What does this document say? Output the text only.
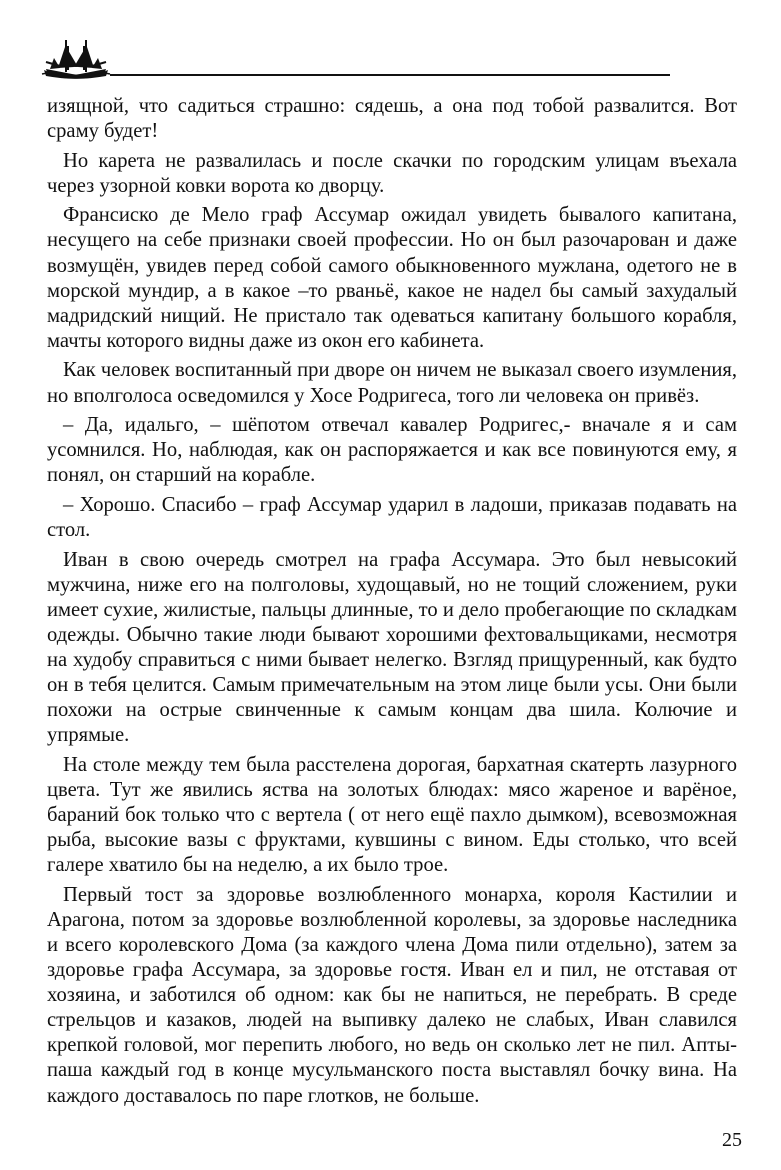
изящной, что садиться страшно: сядешь, а она под тобой развалится. Вот сраму будет!

Но карета не развалилась и после скачки по городским улицам въехала через узорной ковки ворота ко дворцу.

Франсиско де Мело граф Ассумар ожидал увидеть бывалого капитана, несущего на себе признаки своей профессии. Но он был разочарован и даже возмущён, увидев перед собой самого обыкновенного мужлана, одетого не в морской мундир, а в какое –то рваньё, какое не надел бы самый захудалый мадридский нищий. Не пристало так одеваться капитану большого корабля, мачты которого видны даже из окон его кабинета.

Как человек воспитанный при дворе он ничем не выказал своего изумления, но вполголоса осведомился у Хосе Родригеса, того ли человека он привёз.

– Да, идальго, – шёпотом отвечал кавалер Родригес,- вначале я и сам усомнился. Но, наблюдая, как он распоряжается и как все повинуются ему, я понял, он старший на корабле.

– Хорошо. Спасибо – граф Ассумар ударил в ладоши, приказав подавать на стол.

Иван в свою очередь смотрел на графа Ассумара. Это был невысокий мужчина, ниже его на полголовы, худощавый, но не тощий сложением, руки имеет сухие, жилистые, пальцы длинные, то и дело пробегающие по складкам одежды. Обычно такие люди бывают хорошими фехтовальщиками, несмотря на худобу справиться с ними бывает нелегко. Взгляд прищуренный, как будто он в тебя целится. Самым примечательным на этом лице были усы. Они были похожи на острые свинченные к самым концам два шила. Колючие и упрямые.

На столе между тем была расстелена дорогая, бархатная скатерть лазурного цвета. Тут же явились яства на золотых блюдах: мясо жареное и варёное, бараний бок только что с вертела ( от него ещё пахло дымком), всевозможная рыба, высокие вазы с фруктами, кувшины с вином. Еды столько, что всей галере хватило бы на неделю, а их было трое.

Первый тост за здоровье возлюбленного монарха, короля Кастилии и Арагона, потом за здоровье возлюбленной королевы, за здоровье наследника и всего королевского Дома (за каждого члена Дома пили отдельно), затем за здоровье графа Ассумара, за здоровье гостя. Иван ел и пил, не отставая от хозяина, и заботился об одном: как бы не напиться, не перебрать. В среде стрельцов и казаков, людей на выпивку далеко не слабых, Иван славился крепкой головой, мог перепить любого, но ведь он сколько лет не пил. Апты-паша каждый год в конце мусульманского поста выставлял бочку вина. На каждого доставалось по паре глотков, не больше.

25
